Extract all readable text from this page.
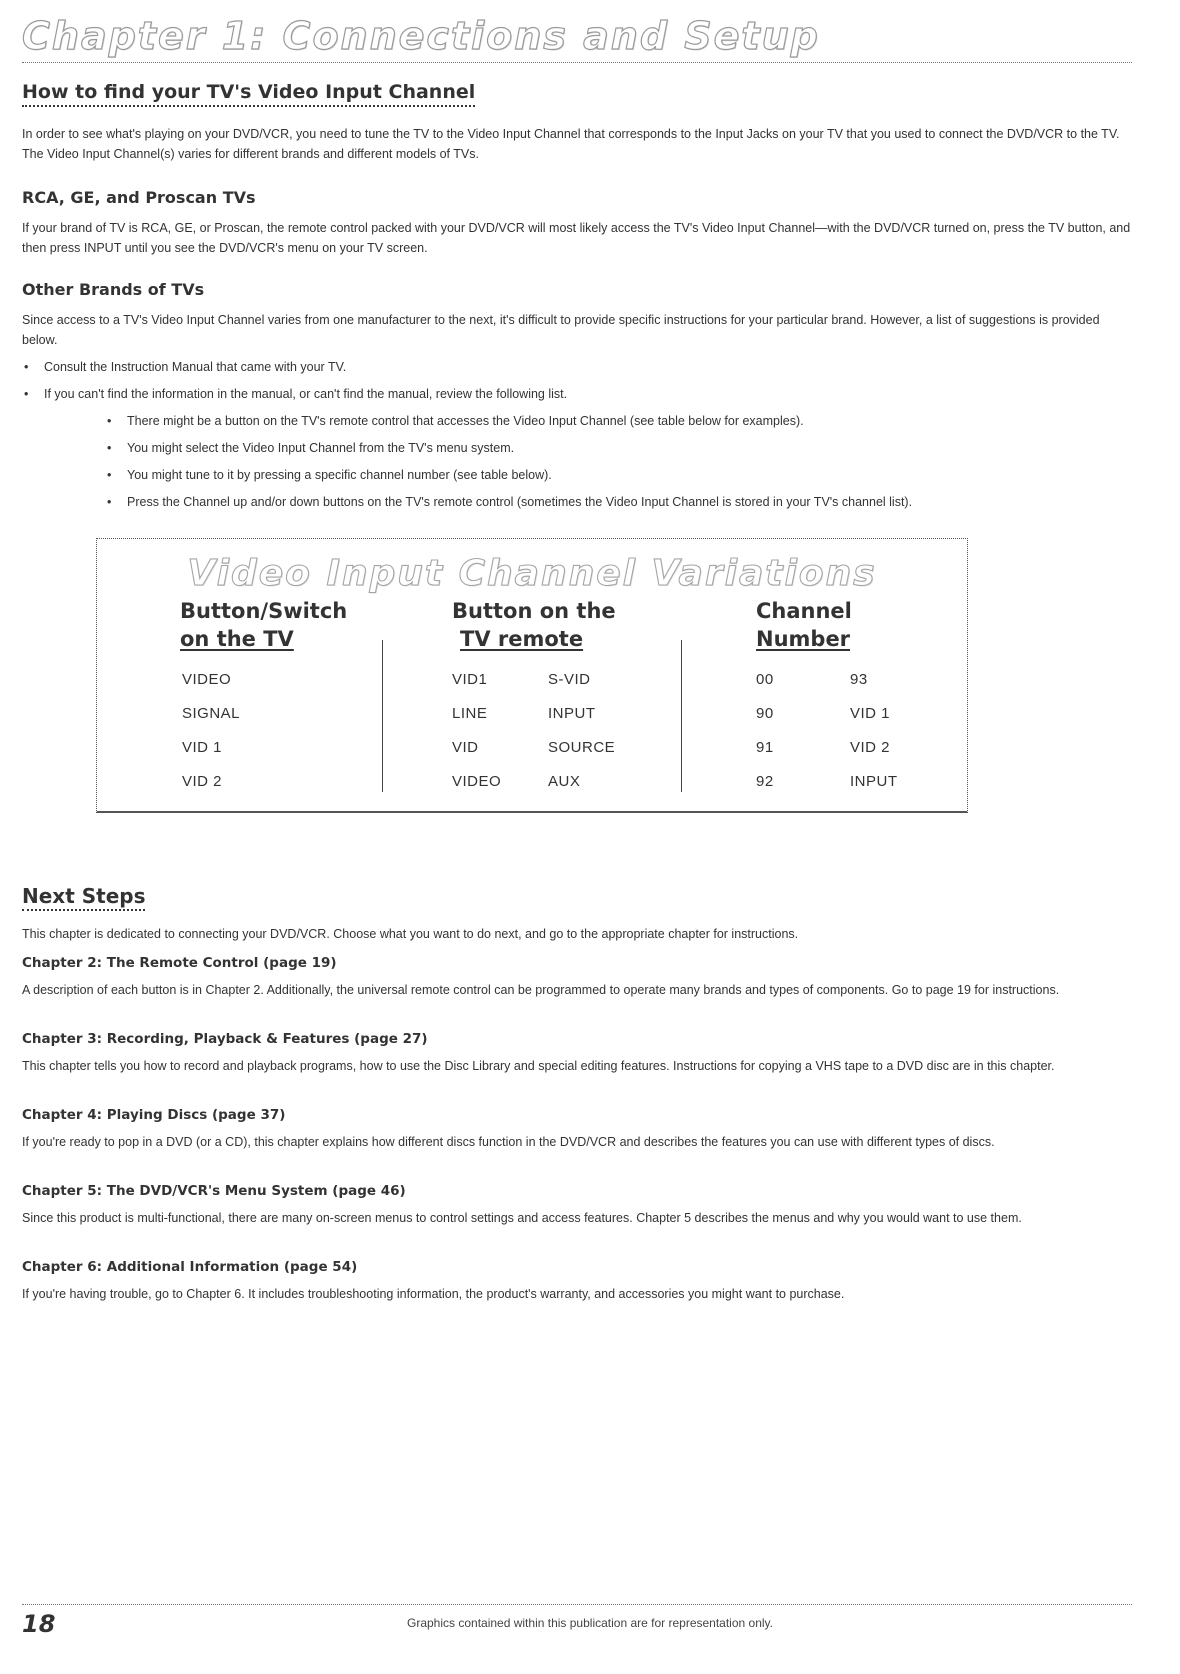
Chapter 1: Connections and Setup
How to find your TV's Video Input Channel

In order to see what's playing on your DVD/VCR, you need to tune the TV to the Video Input Channel that corresponds to the Input Jacks on your TV that you used to connect the DVD/VCR to the TV. The Video Input Channel(s) varies for different brands and different models of TVs.

RCA, GE, and Proscan TVs

If your brand of TV is RCA, GE, or Proscan, the remote control packed with your DVD/VCR will most likely access the TV's Video Input Channel—with the DVD/VCR turned on, press the TV button, and then press INPUT until you see the DVD/VCR's menu on your TV screen.

Other Brands of TVs

Since access to a TV's Video Input Channel varies from one manufacturer to the next, it's difficult to provide specific instructions for your particular brand. However, a list of suggestions is provided below.

• Consult the Instruction Manual that came with your TV.
• If you can't find the information in the manual, or can't find the manual, review the following list.
• There might be a button on the TV's remote control that accesses the Video Input Channel (see table below for examples).
• You might select the Video Input Channel from the TV's menu system.
• You might tune to it by pressing a specific channel number (see table below).
• Press the Channel up and/or down buttons on the TV's remote control (sometimes the Video Input Channel is stored in your TV's channel list).
Video Input Channel Variations
Button/Switch
on the TV
Button on the
TV remote
Channel
Number
VIDEO
SIGNAL
VID 1
VID 2
VID1
LINE
VID
VIDEO
S-VID
INPUT
SOURCE
AUX
00
90
91
92
93
VID 1
VID 2
INPUT
Next Steps

This chapter is dedicated to connecting your DVD/VCR. Choose what you want to do next, and go to the appropriate chapter for instructions.

Chapter 2: The Remote Control (page 19)

A description of each button is in Chapter 2. Additionally, the universal remote control can be programmed to operate many brands and types of components. Go to page 19 for instructions.

Chapter 3: Recording, Playback & Features (page 27)

This chapter tells you how to record and playback programs, how to use the Disc Library and special editing features. Instructions for copying a VHS tape to a DVD disc are in this chapter.

Chapter 4: Playing Discs (page 37)

If you're ready to pop in a DVD (or a CD), this chapter explains how different discs function in the DVD/VCR and describes the features you can use with different types of discs.

Chapter 5: The DVD/VCR's Menu System (page 46)

Since this product is multi-functional, there are many on-screen menus to control settings and access features. Chapter 5 describes the menus and why you would want to use them.

Chapter 6: Additional Information (page 54)

If you're having trouble, go to Chapter 6. It includes troubleshooting information, the product's warranty, and accessories you might want to purchase.

18	Graphics contained within this publication are for representation only.
